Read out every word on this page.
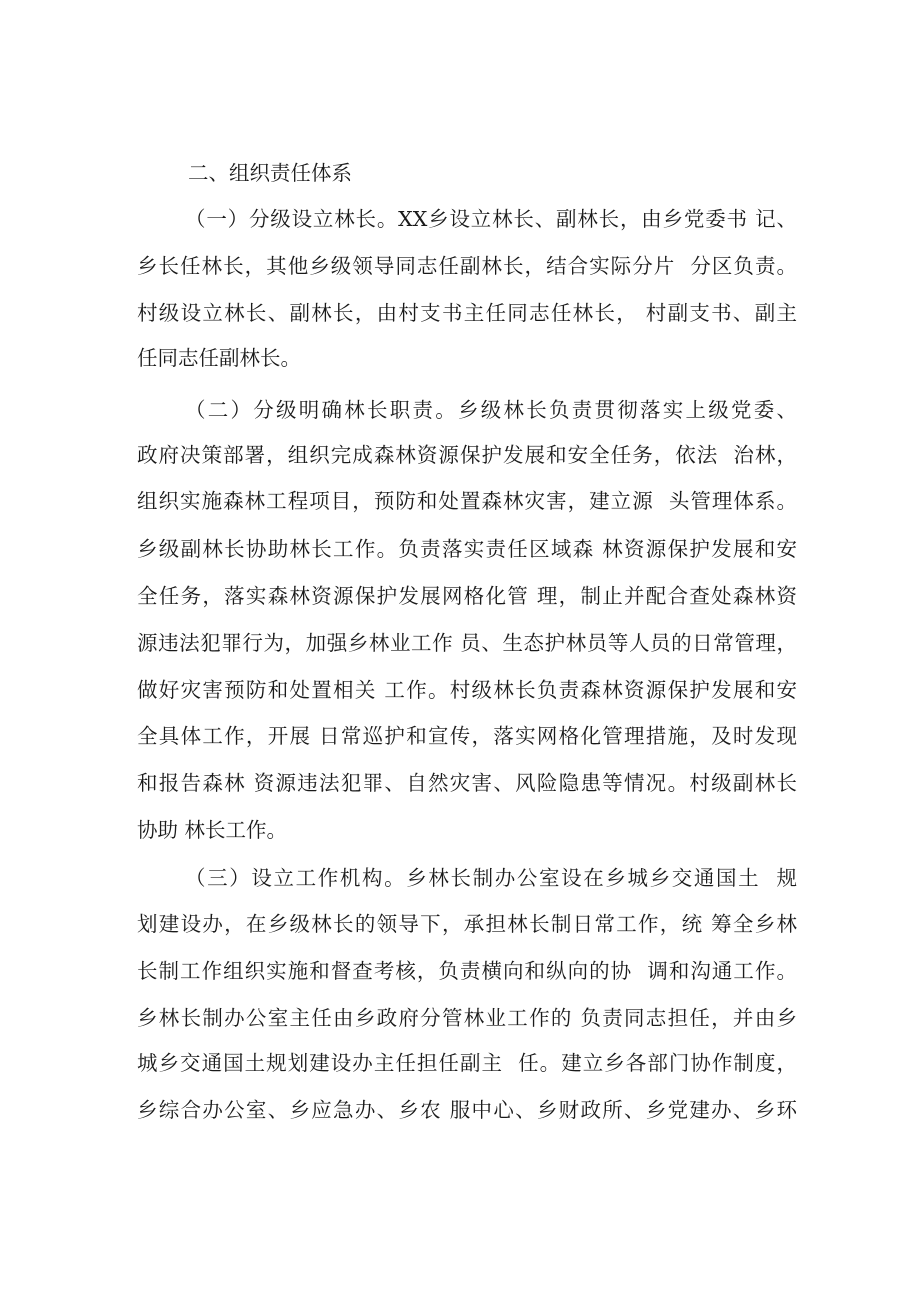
二、组织责任体系

（一）分级设立林长。XX乡设立林长、副林长，由乡党委书 记、

乡长任林长，其他乡级领导同志任副林长，结合实际分片  分区负责。

村级设立林长、副林长，由村支书主任同志任林长， 村副支书、副主

任同志任副林长。

（二）分级明确林长职责。乡级林长负责贯彻落实上级党委、

政府决策部署，组织完成森林资源保护发展和安全任务，依法  治林，

组织实施森林工程项目，预防和处置森林灾害，建立源  头管理体系。

乡级副林长协助林长工作。负责落实责任区域森 林资源保护发展和安

全任务，落实森林资源保护发展网格化管 理，制止并配合查处森林资

源违法犯罪行为，加强乡林业工作 员、生态护林员等人员的日常管理，

做好灾害预防和处置相关 工作。村级林长负责森林资源保护发展和安

全具体工作，开展 日常巡护和宣传，落实网格化管理措施，及时发现

和报告森林 资源违法犯罪、自然灾害、风险隐患等情况。村级副林长

协助 林长工作。

（三）设立工作机构。乡林长制办公室设在乡城乡交通国土  规

划建设办，在乡级林长的领导下，承担林长制日常工作，统 筹全乡林

长制工作组织实施和督查考核，负责横向和纵向的协  调和沟通工作。

乡林长制办公室主任由乡政府分管林业工作的 负责同志担任，并由乡

城乡交通国土规划建设办主任担任副主  任。建立乡各部门协作制度，

乡综合办公室、乡应急办、乡农 服中心、乡财政所、乡党建办、乡环
